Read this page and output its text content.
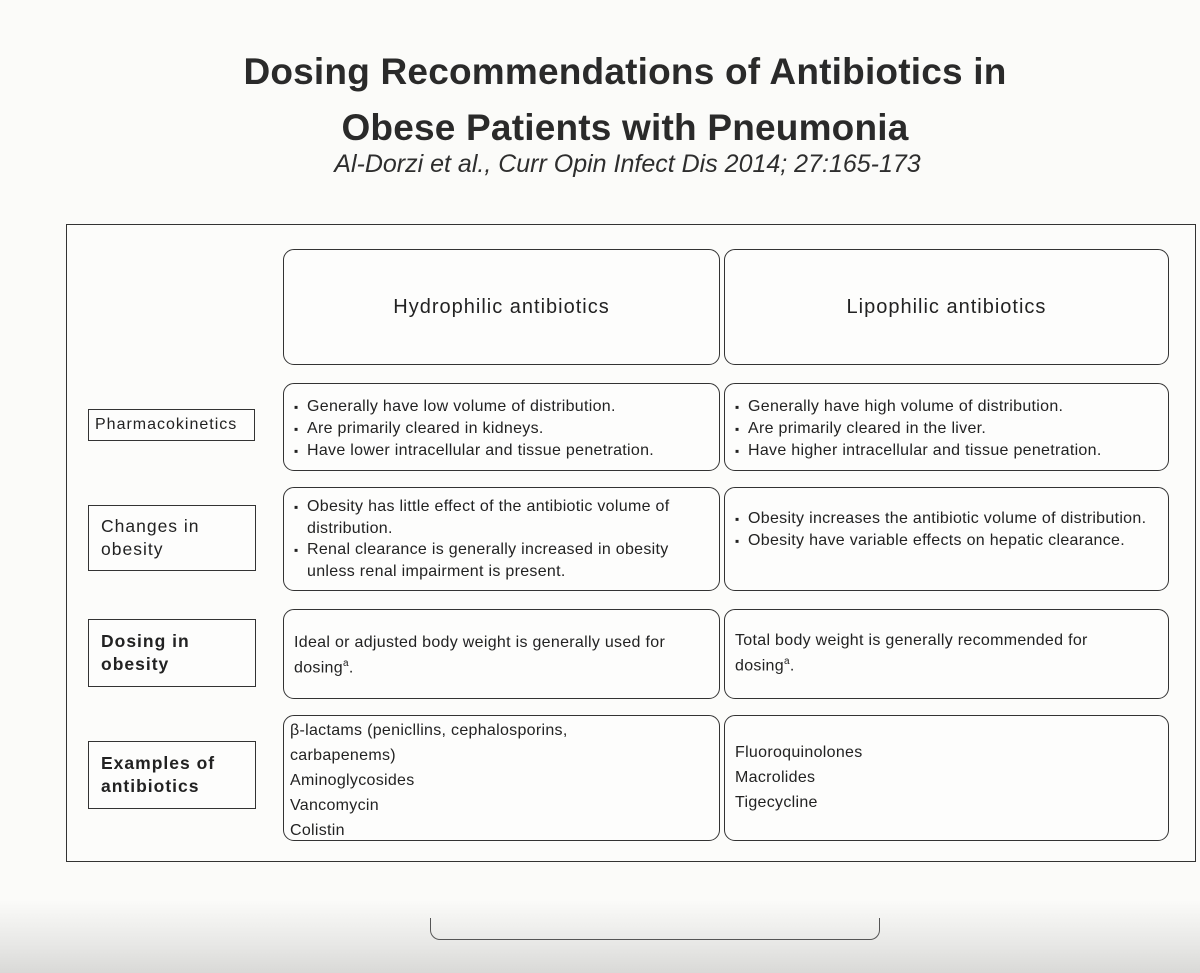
Dosing Recommendations of Antibiotics in
Obese Patients with Pneumonia
Al-Dorzi et al., Curr Opin Infect Dis 2014; 27:165-173
Hydrophilic antibiotics	Lipophilic antibiotics
Pharmacokinetics
▪ Generally have low volume of distribution.
▪ Are primarily cleared in kidneys.
▪ Have lower intracellular and tissue penetration.
▪ Generally have high volume of distribution.
▪ Are primarily cleared in the liver.
▪ Have higher intracellular and tissue penetration.
Changes in
obesity
▪ Obesity has little effect of the antibiotic volume of distribution.
▪ Renal clearance is generally increased in obesity unless renal impairment is present.
▪ Obesity increases the antibiotic volume of distribution.
▪ Obesity have variable effects on hepatic clearance.
Dosing in
obesity
Ideal or adjusted body weight is generally used for dosing$^a$.
Total body weight is generally recommended for dosing$^a$.
Examples of
antibiotics
β-lactams (penicllins, cephalosporins, carbapenems)
Aminoglycosides
Vancomycin
Colistin
Fluoroquinolones
Macrolides
Tigecycline
